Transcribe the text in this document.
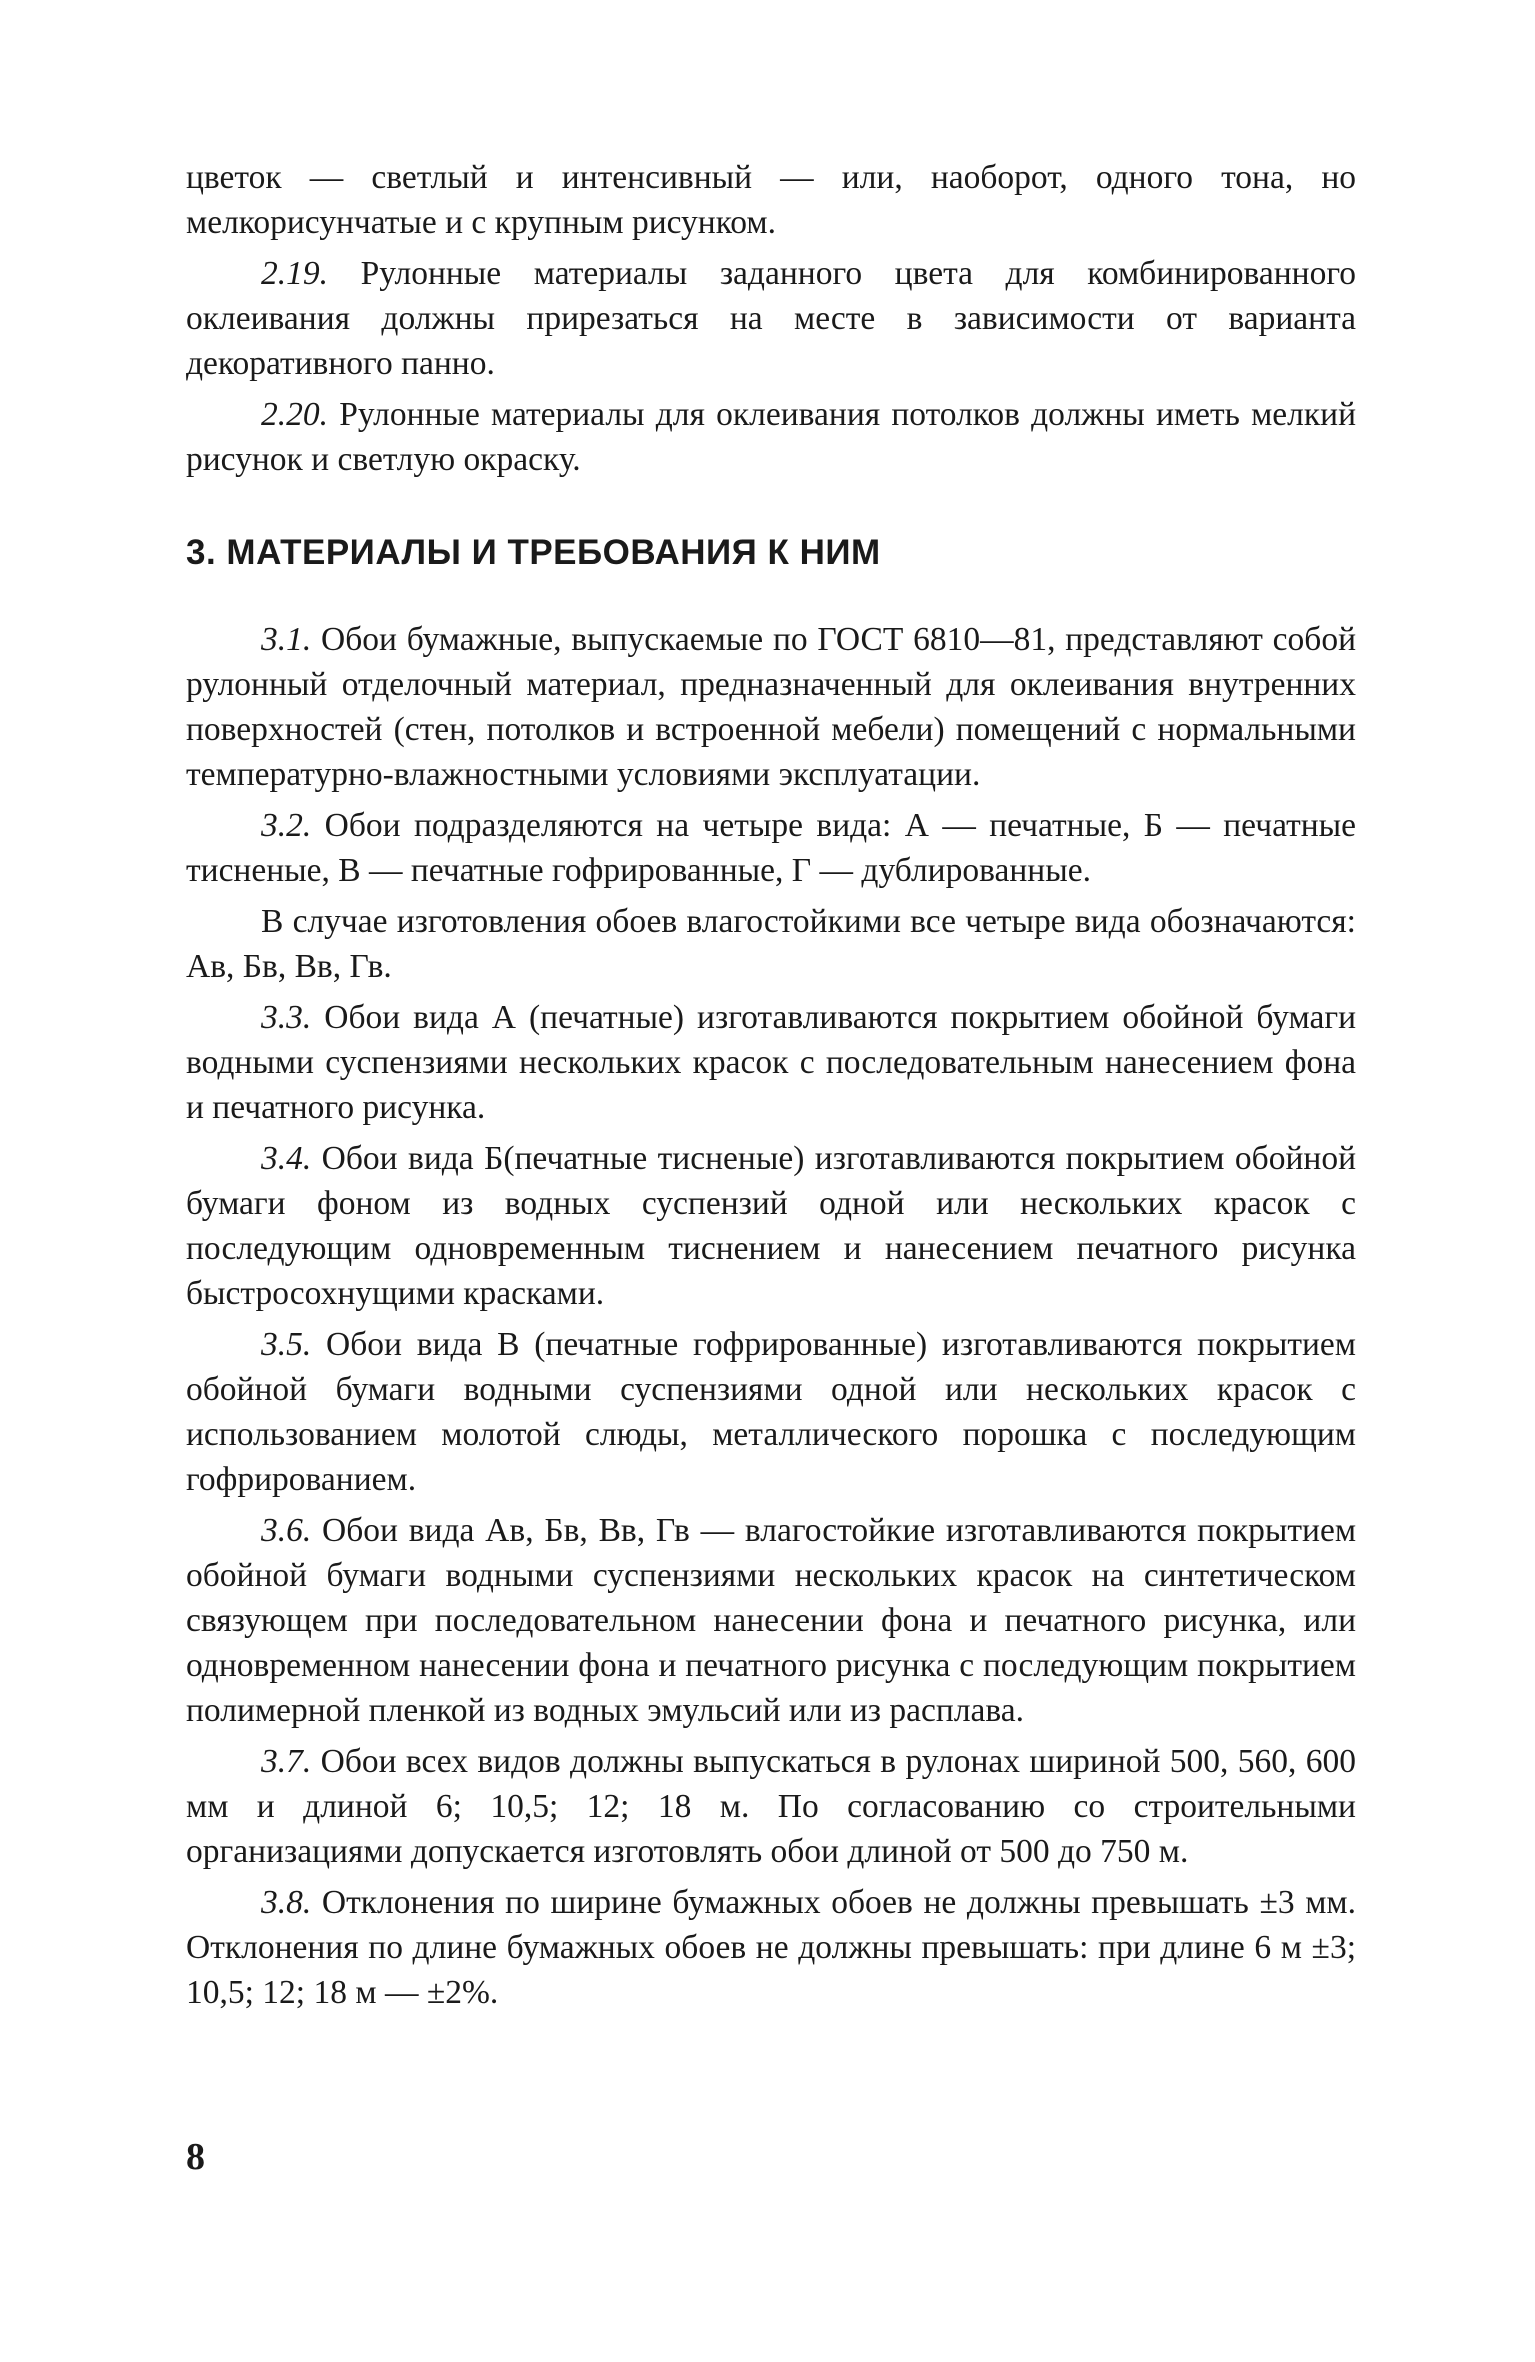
цветок — светлый и интенсивный — или, наоборот, одного тона, но мелкорисунчатые и с крупным рисунком.

2.19. Рулонные материалы заданного цвета для комбинированного оклеивания должны прирезаться на месте в зависимости от варианта декоративного панно.

2.20. Рулонные материалы для оклеивания потолков должны иметь мелкий рисунок и светлую окраску.

3. МАТЕРИАЛЫ И ТРЕБОВАНИЯ К НИМ

3.1. Обои бумажные, выпускаемые по ГОСТ 6810—81, представляют собой рулонный отделочный материал, предназначенный для оклеивания внутренних поверхностей (стен, потолков и встроенной мебели) помещений с нормальными температурно-влажностными условиями эксплуатации.

3.2. Обои подразделяются на четыре вида: А — печатные, Б — печатные тисненые, В — печатные гофрированные, Г — дублированные.

В случае изготовления обоев влагостойкими все четыре вида обозначаются: Ав, Бв, Вв, Гв.

3.3. Обои вида А (печатные) изготавливаются покрытием обойной бумаги водными суспензиями нескольких красок с последовательным нанесением фона и печатного рисунка.

3.4. Обои вида Б(печатные тисненые) изготавливаются покрытием обойной бумаги фоном из водных суспензий одной или нескольких красок с последующим одновременным тиснением и нанесением печатного рисунка быстросохнущими красками.

3.5. Обои вида В (печатные гофрированные) изготавливаются покрытием обойной бумаги водными суспензиями одной или нескольких красок с использованием молотой слюды, металлического порошка с последующим гофрированием.

3.6. Обои вида Ав, Бв, Вв, Гв — влагостойкие изготавливаются покрытием обойной бумаги водными суспензиями нескольких красок на синтетическом связующем при последовательном нанесении фона и печатного рисунка, или одновременном нанесении фона и печатного рисунка с последующим покрытием полимерной пленкой из водных эмульсий или из расплава.

3.7. Обои всех видов должны выпускаться в рулонах шириной 500, 560, 600 мм и длиной 6; 10,5; 12; 18 м. По согласованию со строительными организациями допускается изготовлять обои длиной от 500 до 750 м.

3.8. Отклонения по ширине бумажных обоев не должны превышать ±3 мм. Отклонения по длине бумажных обоев не должны превышать: при длине 6 м ±3; 10,5; 12; 18 м — ±2%.

8
